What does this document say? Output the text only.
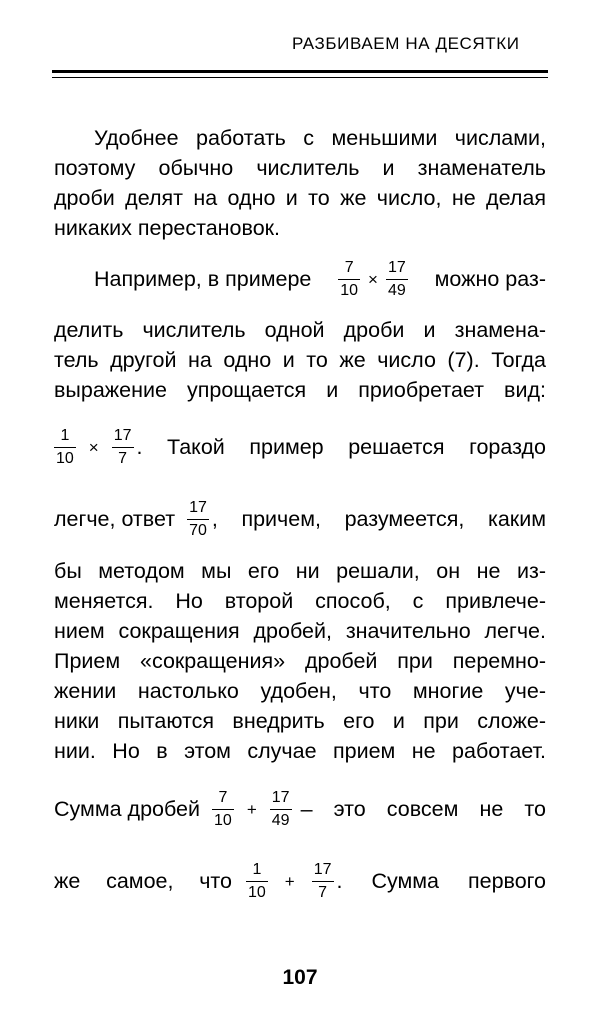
РАЗБИВАЕМ НА ДЕСЯТКИ
Удобнее работать с меньшими числами,
поэтому обычно числитель и знаменатель
дроби делят на одно и то же число, не делая
никаких перестановок.
Например, в примере $\frac{7}{10} \times \frac{17}{49}$ можно раз-
делить числитель одной дроби и знамена-
тель другой на одно и то же число (7). Тогда
выражение упрощается и приобретает вид:
$\frac{1}{10} \times \frac{17}{7}$ . Такой пример решается гораздо
легче, ответ $\frac{17}{70}$ , причем, разумеется, каким
бы методом мы его ни решали, он не из-
меняется. Но второй способ, с привлече-
нием сокращения дробей, значительно легче.
Прием «сокращения» дробей при перемно-
жении настолько удобен, что многие уче-
ники пытаются внедрить его и при сложе-
нии. Но в этом случае прием не работает.
Сумма дробей $\frac{7}{10} + \frac{17}{49}$ – это совсем не то
же самое, что $\frac{1}{10} + \frac{17}{7}$ . Сумма первого
107
